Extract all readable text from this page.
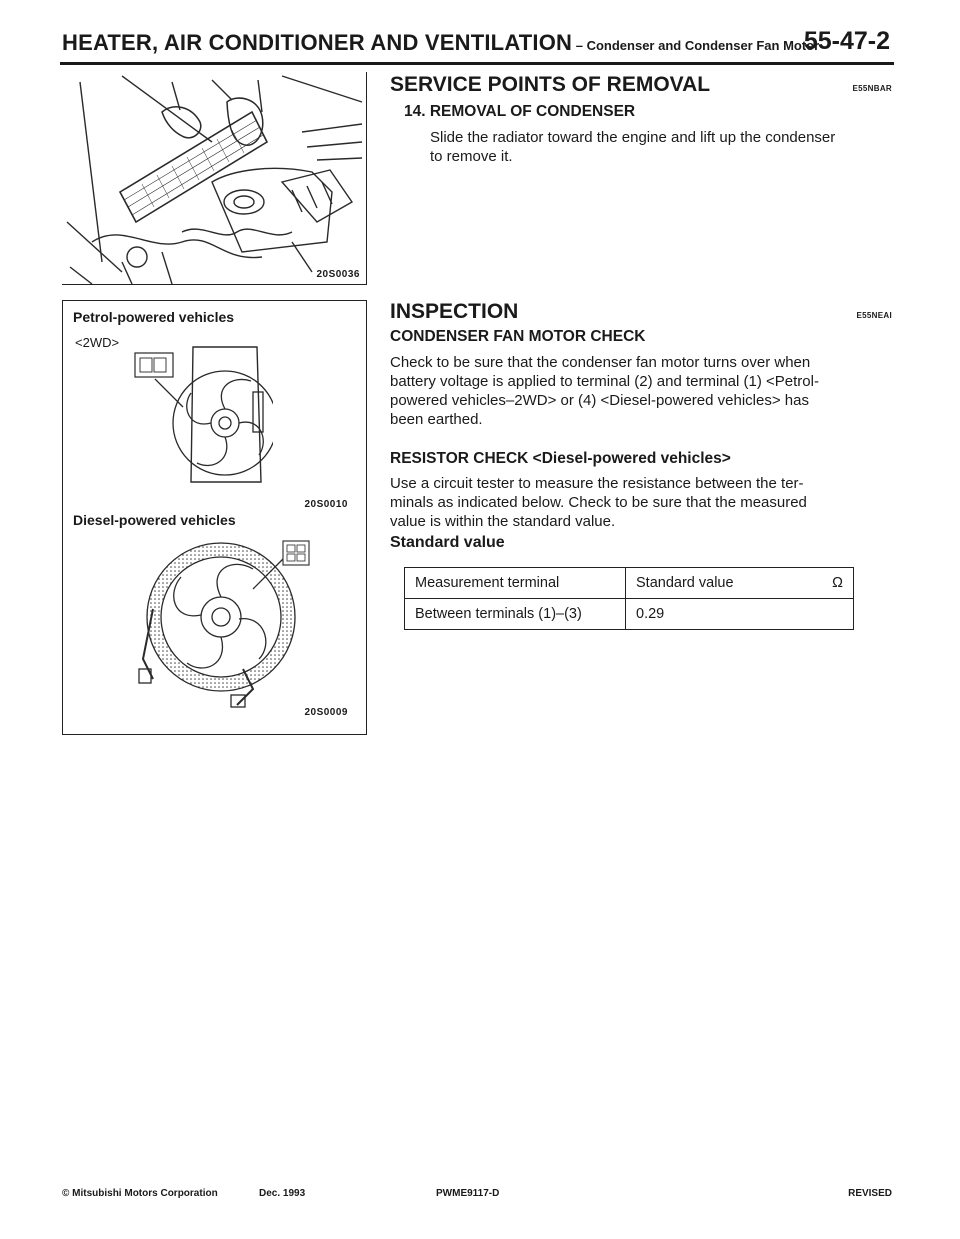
HEATER, AIR CONDITIONER AND VENTILATION – Condenser and Condenser Fan Motor
55-47-2
20S0036
Petrol-powered vehicles
<2WD>
20S0010
Diesel-powered vehicles
20S0009
SERVICE POINTS OF REMOVAL	E55NBAR
14. REMOVAL OF CONDENSER

Slide the radiator toward the engine and lift up the condenser
to remove it.

INSPECTION	E55NEAI
CONDENSER FAN MOTOR CHECK

Check to be sure that the condenser fan motor turns over when
battery voltage is applied to terminal (2) and terminal (1) <Petrol-
powered vehicles–2WD> or (4) <Diesel-powered vehicles> has
been earthed.

RESISTOR CHECK <Diesel-powered vehicles>

Use a circuit tester to measure the resistance between the ter-
minals as indicated below. Check to be sure that the measured
value is within the standard value.

Standard value
Measurement terminal	Standard value Ω

Between terminals (1)–(3)	0.29
© Mitsubishi Motors Corporation	Dec. 1993	PWME9117-D	REVISED
